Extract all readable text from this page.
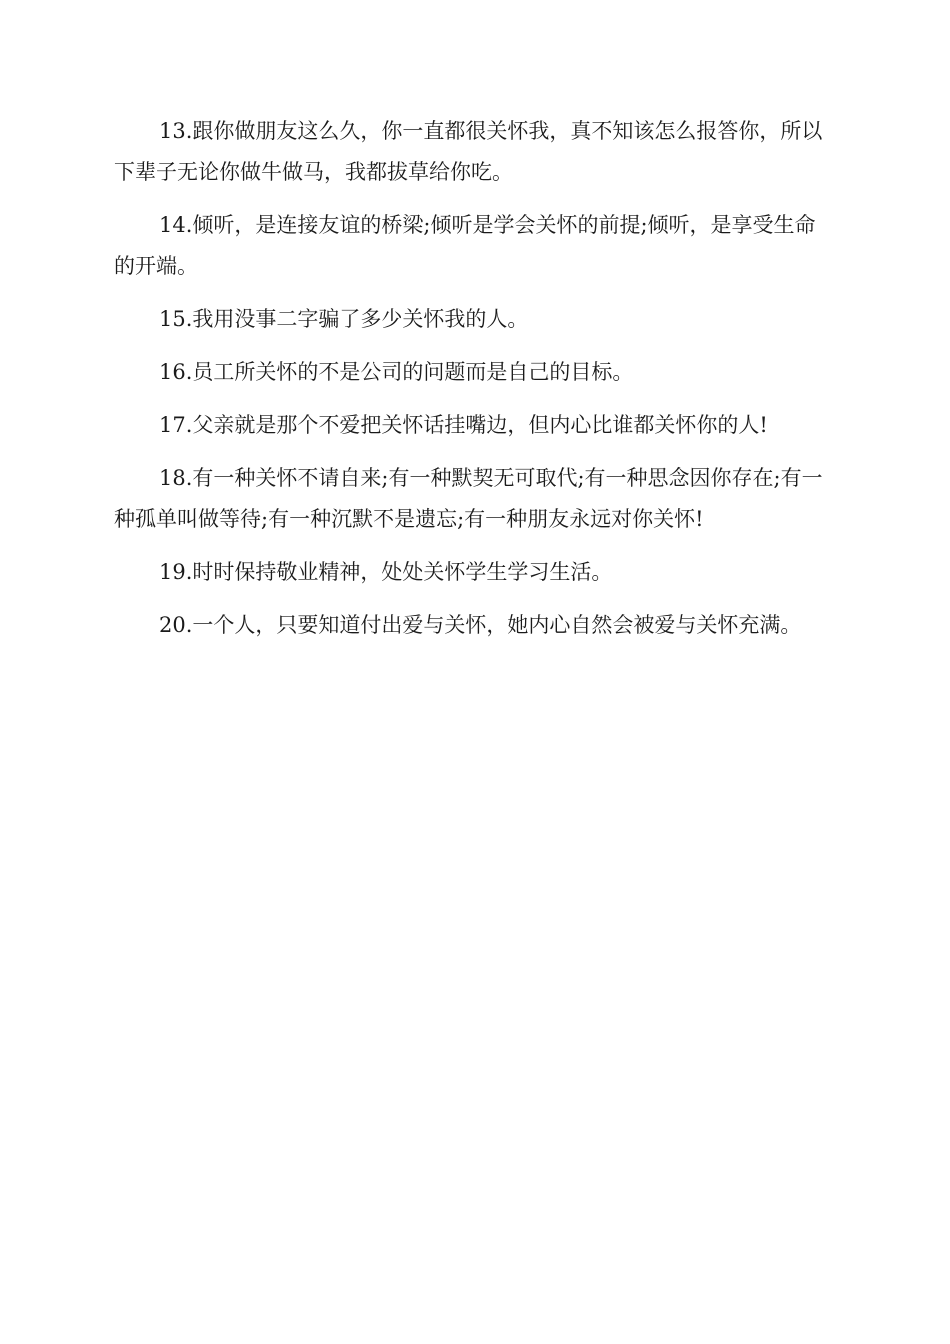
13.跟你做朋友这么久，你一直都很关怀我，真不知该怎么报答你，所以下辈子无论你做牛做马，我都拔草给你吃。

14.倾听，是连接友谊的桥梁;倾听是学会关怀的前提;倾听，是享受生命的开端。

15.我用没事二字骗了多少关怀我的人。

16.员工所关怀的不是公司的问题而是自己的目标。

17.父亲就是那个不爱把关怀话挂嘴边，但内心比谁都关怀你的人!

18.有一种关怀不请自来;有一种默契无可取代;有一种思念因你存在;有一种孤单叫做等待;有一种沉默不是遗忘;有一种朋友永远对你关怀!

19.时时保持敬业精神，处处关怀学生学习生活。

20.一个人，只要知道付出爱与关怀，她内心自然会被爱与关怀充满。
